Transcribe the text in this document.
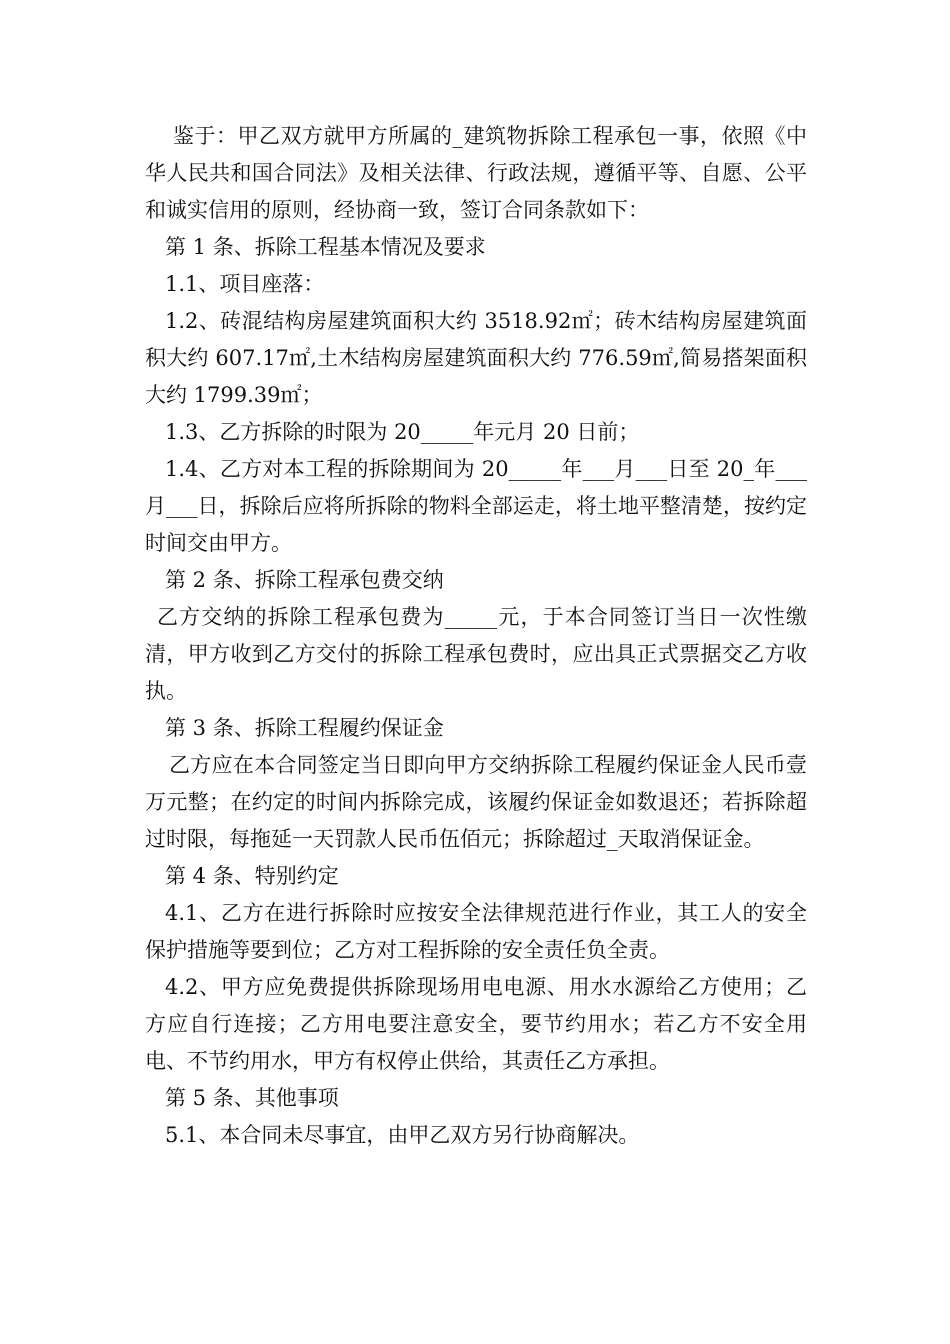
鉴于：甲乙双方就甲方所属的_建筑物拆除工程承包一事，依照《中华人民共和国合同法》及相关法律、行政法规，遵循平等、自愿、公平和诚实信用的原则，经协商一致，签订合同条款如下：

第 1 条、拆除工程基本情况及要求

1.1、项目座落：

1.2、砖混结构房屋建筑面积大约 3518.92㎡；砖木结构房屋建筑面积大约 607.17㎡,土木结构房屋建筑面积大约 776.59㎡,简易搭架面积大约 1799.39㎡；

1.3、乙方拆除的时限为 20_____年元月 20 日前；

1.4、乙方对本工程的拆除期间为 20_____年___月___日至 20_年___月___日，拆除后应将所拆除的物料全部运走，将土地平整清楚，按约定时间交由甲方。

第 2 条、拆除工程承包费交纳

乙方交纳的拆除工程承包费为_____元，于本合同签订当日一次性缴清，甲方收到乙方交付的拆除工程承包费时，应出具正式票据交乙方收执。

第 3 条、拆除工程履约保证金

乙方应在本合同签定当日即向甲方交纳拆除工程履约保证金人民币壹万元整；在约定的时间内拆除完成，该履约保证金如数退还；若拆除超过时限，每拖延一天罚款人民币伍佰元；拆除超过_天取消保证金。

第 4 条、特别约定

4.1、乙方在进行拆除时应按安全法律规范进行作业，其工人的安全保护措施等要到位；乙方对工程拆除的安全责任负全责。

4.2、甲方应免费提供拆除现场用电电源、用水水源给乙方使用；乙方应自行连接；乙方用电要注意安全，要节约用水；若乙方不安全用电、不节约用水，甲方有权停止供给，其责任乙方承担。

第 5 条、其他事项

5.1、本合同未尽事宜，由甲乙双方另行协商解决。
